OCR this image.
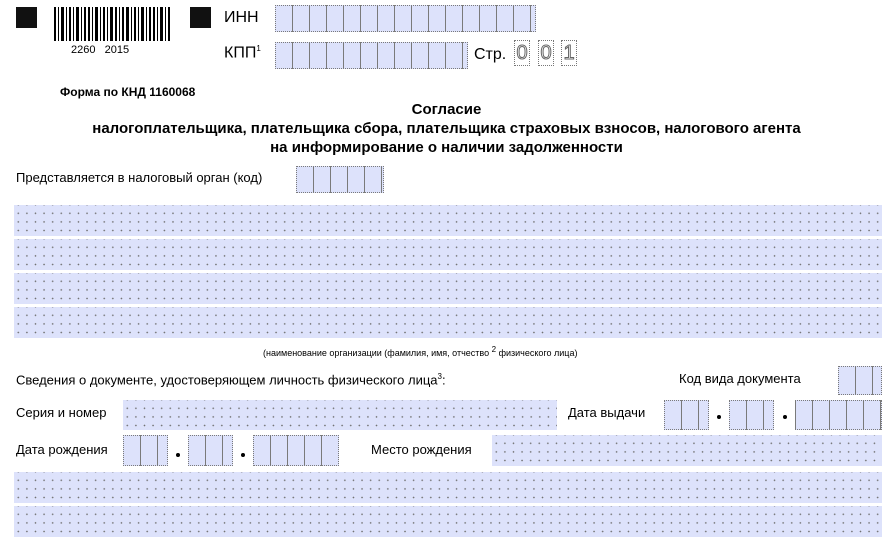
2260   2015
ИНН
КПП$^1$	Стр. 0 0 1
Форма по КНД 1160068
Согласие
налогоплательщика, плательщика сбора, плательщика страховых взносов, налогового агента
на информирование о наличии задолженности
Представляется в налоговый орган (код)
(наименование организации (фамилия, имя, отчество $^2$ физического лица)
Сведения о документе, удостоверяющем личность физического лица$^3$:	Код вида документа
Серия и номер	Дата выдачи
Дата рождения	Место рождения
